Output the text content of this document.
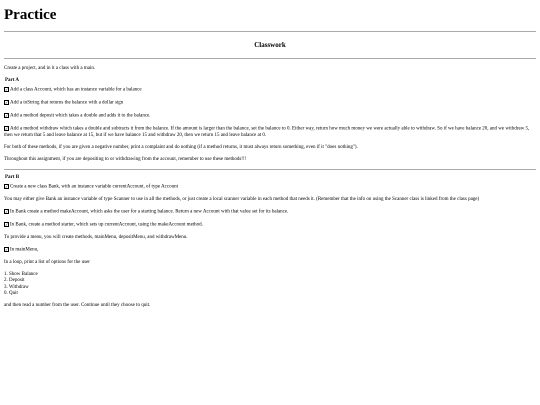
Practice
Classwork

Create a project, and in it a class with a main.

Part A

✓ Add a class Account, which has an instance variable for a balance

✓ Add a toString that returns the balance with a dollar sign

✓ Add a method deposit which takes a double and adds it to the balance.

✓ Add a method withdraw which takes a double and subtracts it from the balance. If the amount is larger than the balance, set the balance to 0. Either way, return how much money we were actually able to withdraw. So if we have balance 20, and we withdraw 5, then we return that 5 and leave balance at 15, but if we have balance 15 and withdraw 20, then we return 15 and leave balance at 0.

For both of these methods, if you are given a negative number, print a complaint and do nothing (if a method returns, it must always return something, even if it "does nothing").

Throughout this assignment, if you are depositing to or withdrawing from the account, remember to use these methods!!!

Part B

✓ Create a new class Bank, with an instance variable currentAccount, of type Account

You may either give Bank an instance variable of type Scanner to use in all the methods, or just create a local scanner variable in each method that needs it. (Remember that the info on using the Scanner class is linked from the class page)

✓ In Bank create a method makeAccount, which asks the user for a starting balance. Return a new Account with that value set for its balance.

✓ In Bank, create a method starter, which sets up currentAccount, using the makeAccount method.

To provide a menu, you will create methods, mainMenu, depositMenu, and withdrawMenu.

✓ In mainMenu,

In a loop, print a list of options for the user

1. Show Balance
2. Deposit
3. Withdraw
0. Quit

and then read a number from the user. Continue until they choose to quit.
